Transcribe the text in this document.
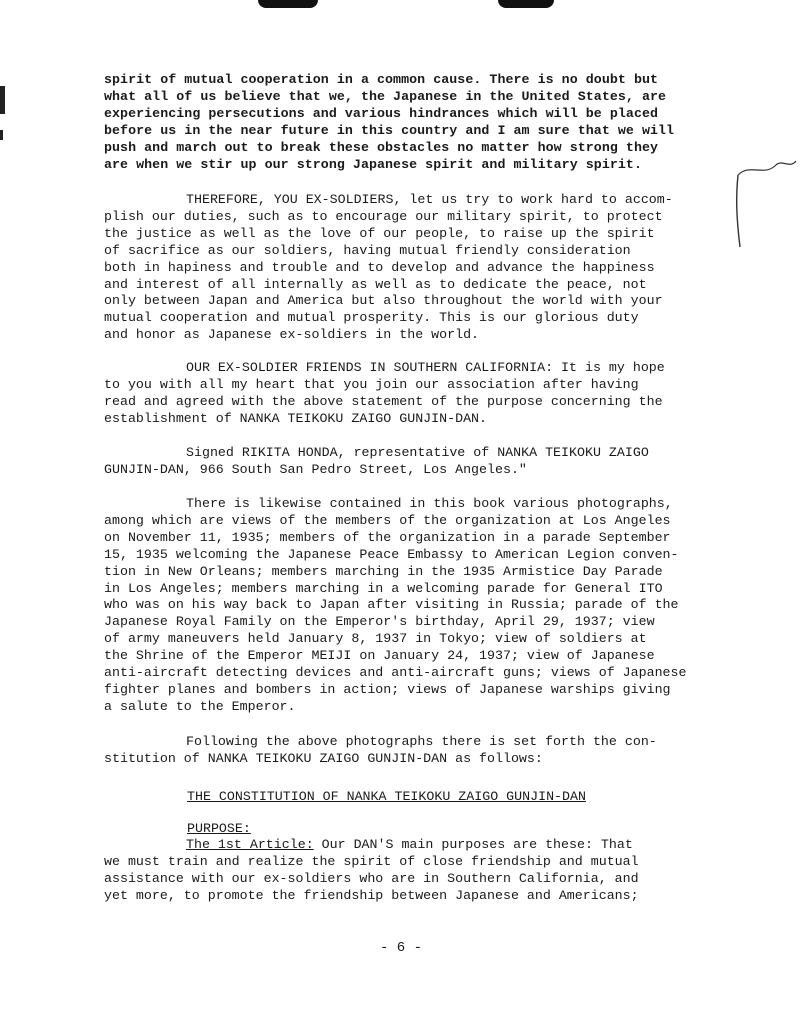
spirit of mutual cooperation in a common cause. There is no doubt but
what all of us believe that we, the Japanese in the United States, are
experiencing persecutions and various hindrances which will be placed
before us in the near future in this country and I am sure that we will
push and march out to break these obstacles no matter how strong they
are when we stir up our strong Japanese spirit and military spirit.
THEREFORE, YOU EX-SOLDIERS, let us try to work hard to accom-
plish our duties, such as to encourage our military spirit, to protect
the justice as well as the love of our people, to raise up the spirit
of sacrifice as our soldiers, having mutual friendly consideration
both in hapiness and trouble and to develop and advance the happiness
and interest of all internally as well as to dedicate the peace, not
only between Japan and America but also throughout the world with your
mutual cooperation and mutual prosperity. This is our glorious duty
and honor as Japanese ex-soldiers in the world.
OUR EX-SOLDIER FRIENDS IN SOUTHERN CALIFORNIA: It is my hope
to you with all my heart that you join our association after having
read and agreed with the above statement of the purpose concerning the
establishment of NANKA TEIKOKU ZAIGO GUNJIN-DAN.
Signed RIKITA HONDA, representative of NANKA TEIKOKU ZAIGO
GUNJIN-DAN, 966 South San Pedro Street, Los Angeles."
There is likewise contained in this book various photographs,
among which are views of the members of the organization at Los Angeles
on November 11, 1935; members of the organization in a parade September
15, 1935 welcoming the Japanese Peace Embassy to American Legion conven-
tion in New Orleans; members marching in the 1935 Armistice Day Parade
in Los Angeles; members marching in a welcoming parade for General ITO
who was on his way back to Japan after visiting in Russia; parade of the
Japanese Royal Family on the Emperor's birthday, April 29, 1937; view
of army maneuvers held January 8, 1937 in Tokyo; view of soldiers at
the Shrine of the Emperor MEIJI on January 24, 1937; view of Japanese
anti-aircraft detecting devices and anti-aircraft guns; views of Japanese
fighter planes and bombers in action; views of Japanese warships giving
a salute to the Emperor.
Following the above photographs there is set forth the con-
stitution of NANKA TEIKOKU ZAIGO GUNJIN-DAN as follows:
THE CONSTITUTION OF NANKA TEIKOKU ZAIGO GUNJIN-DAN
PURPOSE:
The 1st Article: Our DAN'S main purposes are these: That
we must train and realize the spirit of close friendship and mutual
assistance with our ex-soldiers who are in Southern California, and
yet more, to promote the friendship between Japanese and Americans;
- 6 -
